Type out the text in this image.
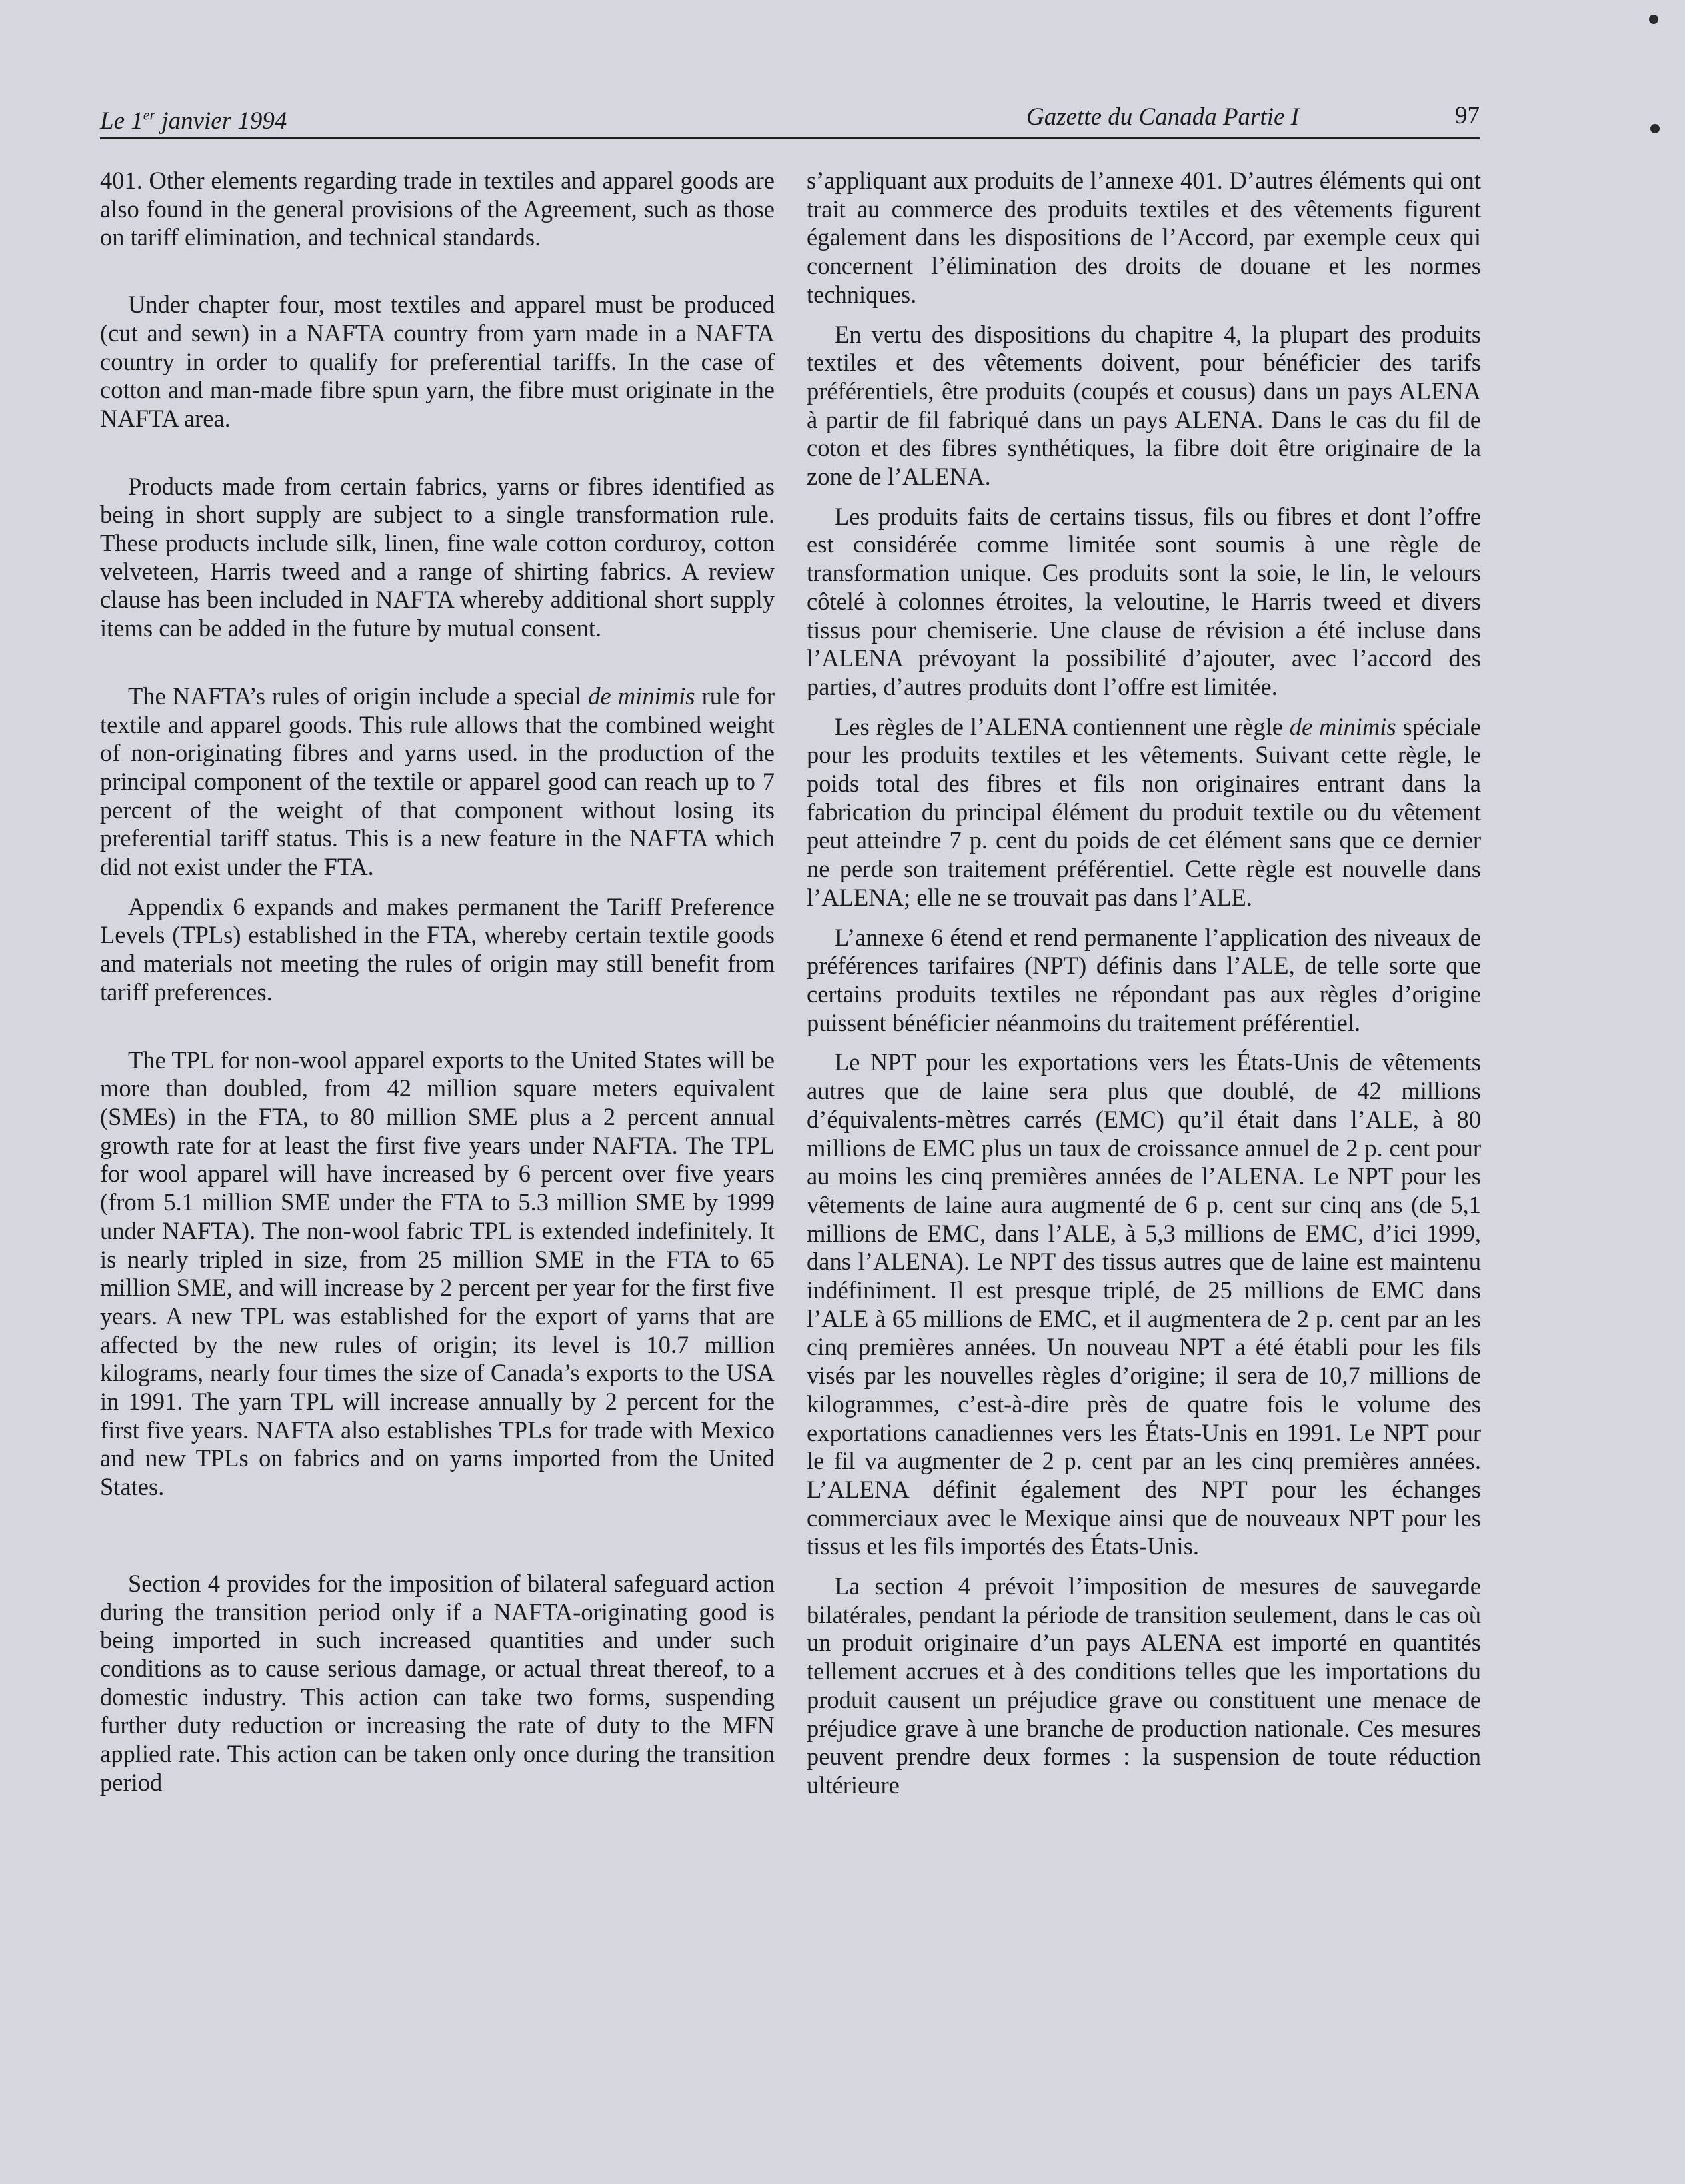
Le 1er janvier 1994	Gazette du Canada Partie I	97

401. Other elements regarding trade in textiles and apparel goods are also found in the general provisions of the Agreement, such as those on tariff elimination, and technical standards.

Under chapter four, most textiles and apparel must be produced (cut and sewn) in a NAFTA country from yarn made in a NAFTA country in order to qualify for preferential tariffs. In the case of cotton and man-made fibre spun yarn, the fibre must originate in the NAFTA area.

Products made from certain fabrics, yarns or fibres identified as being in short supply are subject to a single transformation rule. These products include silk, linen, fine wale cotton corduroy, cotton velveteen, Harris tweed and a range of shirting fabrics. A review clause has been included in NAFTA whereby additional short supply items can be added in the future by mutual consent.

The NAFTA’s rules of origin include a special de minimis rule for textile and apparel goods. This rule allows that the combined weight of non-originating fibres and yarns used. in the production of the principal component of the textile or apparel good can reach up to 7 percent of the weight of that component without losing its preferential tariff status. This is a new feature in the NAFTA which did not exist under the FTA.

Appendix 6 expands and makes permanent the Tariff Preference Levels (TPLs) established in the FTA, whereby certain textile goods and materials not meeting the rules of origin may still benefit from tariff preferences.

The TPL for non-wool apparel exports to the United States will be more than doubled, from 42 million square meters equivalent (SMEs) in the FTA, to 80 million SME plus a 2 percent annual growth rate for at least the first five years under NAFTA. The TPL for wool apparel will have increased by 6 percent over five years (from 5.1 million SME under the FTA to 5.3 million SME by 1999 under NAFTA). The non-wool fabric TPL is extended indefinitely. It is nearly tripled in size, from 25 million SME in the FTA to 65 million SME, and will increase by 2 percent per year for the first five years. A new TPL was established for the export of yarns that are affected by the new rules of origin; its level is 10.7 million kilograms, nearly four times the size of Canada’s exports to the USA in 1991. The yarn TPL will increase annually by 2 percent for the first five years. NAFTA also establishes TPLs for trade with Mexico and new TPLs on fabrics and on yarns imported from the United States.

Section 4 provides for the imposition of bilateral safeguard action during the transition period only if a NAFTA-originating good is being imported in such increased quantities and under such conditions as to cause serious damage, or actual threat thereof, to a domestic industry. This action can take two forms, suspending further duty reduction or increasing the rate of duty to the MFN applied rate. This action can be taken only once during the transition period

s’appliquant aux produits de l’annexe 401. D’autres éléments qui ont trait au commerce des produits textiles et des vêtements figurent également dans les dispositions de l’Accord, par exemple ceux qui concernent l’élimination des droits de douane et les normes techniques.

En vertu des dispositions du chapitre 4, la plupart des produits textiles et des vêtements doivent, pour bénéficier des tarifs préférentiels, être produits (coupés et cousus) dans un pays ALENA à partir de fil fabriqué dans un pays ALENA. Dans le cas du fil de coton et des fibres synthétiques, la fibre doit être originaire de la zone de l’ALENA.

Les produits faits de certains tissus, fils ou fibres et dont l’offre est considérée comme limitée sont soumis à une règle de transformation unique. Ces produits sont la soie, le lin, le velours côtelé à colonnes étroites, la veloutine, le Harris tweed et divers tissus pour chemiserie. Une clause de révision a été incluse dans l’ALENA prévoyant la possibilité d’ajouter, avec l’accord des parties, d’autres produits dont l’offre est limitée.

Les règles de l’ALENA contiennent une règle de minimis spéciale pour les produits textiles et les vêtements. Suivant cette règle, le poids total des fibres et fils non originaires entrant dans la fabrication du principal élément du produit textile ou du vêtement peut atteindre 7 p. cent du poids de cet élément sans que ce dernier ne perde son traitement préférentiel. Cette règle est nouvelle dans l’ALENA; elle ne se trouvait pas dans l’ALE.

L’annexe 6 étend et rend permanente l’application des niveaux de préférences tarifaires (NPT) définis dans l’ALE, de telle sorte que certains produits textiles ne répondant pas aux règles d’origine puissent bénéficier néanmoins du traitement préférentiel.

Le NPT pour les exportations vers les États-Unis de vêtements autres que de laine sera plus que doublé, de 42 millions d’équivalents-mètres carrés (EMC) qu’il était dans l’ALE, à 80 millions de EMC plus un taux de croissance annuel de 2 p. cent pour au moins les cinq premières années de l’ALENA. Le NPT pour les vêtements de laine aura augmenté de 6 p. cent sur cinq ans (de 5,1 millions de EMC, dans l’ALE, à 5,3 millions de EMC, d’ici 1999, dans l’ALENA). Le NPT des tissus autres que de laine est maintenu indéfiniment. Il est presque triplé, de 25 millions de EMC dans l’ALE à 65 millions de EMC, et il augmentera de 2 p. cent par an les cinq premières années. Un nouveau NPT a été établi pour les fils visés par les nouvelles règles d’origine; il sera de 10,7 millions de kilogrammes, c’est-à-dire près de quatre fois le volume des exportations canadiennes vers les États-Unis en 1991. Le NPT pour le fil va augmenter de 2 p. cent par an les cinq premières années. L’ALENA définit également des NPT pour les échanges commerciaux avec le Mexique ainsi que de nouveaux NPT pour les tissus et les fils importés des États-Unis.

La section 4 prévoit l’imposition de mesures de sauvegarde bilatérales, pendant la période de transition seulement, dans le cas où un produit originaire d’un pays ALENA est importé en quantités tellement accrues et à des conditions telles que les importations du produit causent un préjudice grave ou constituent une menace de préjudice grave à une branche de production nationale. Ces mesures peuvent prendre deux formes : la suspension de toute réduction ultérieure
